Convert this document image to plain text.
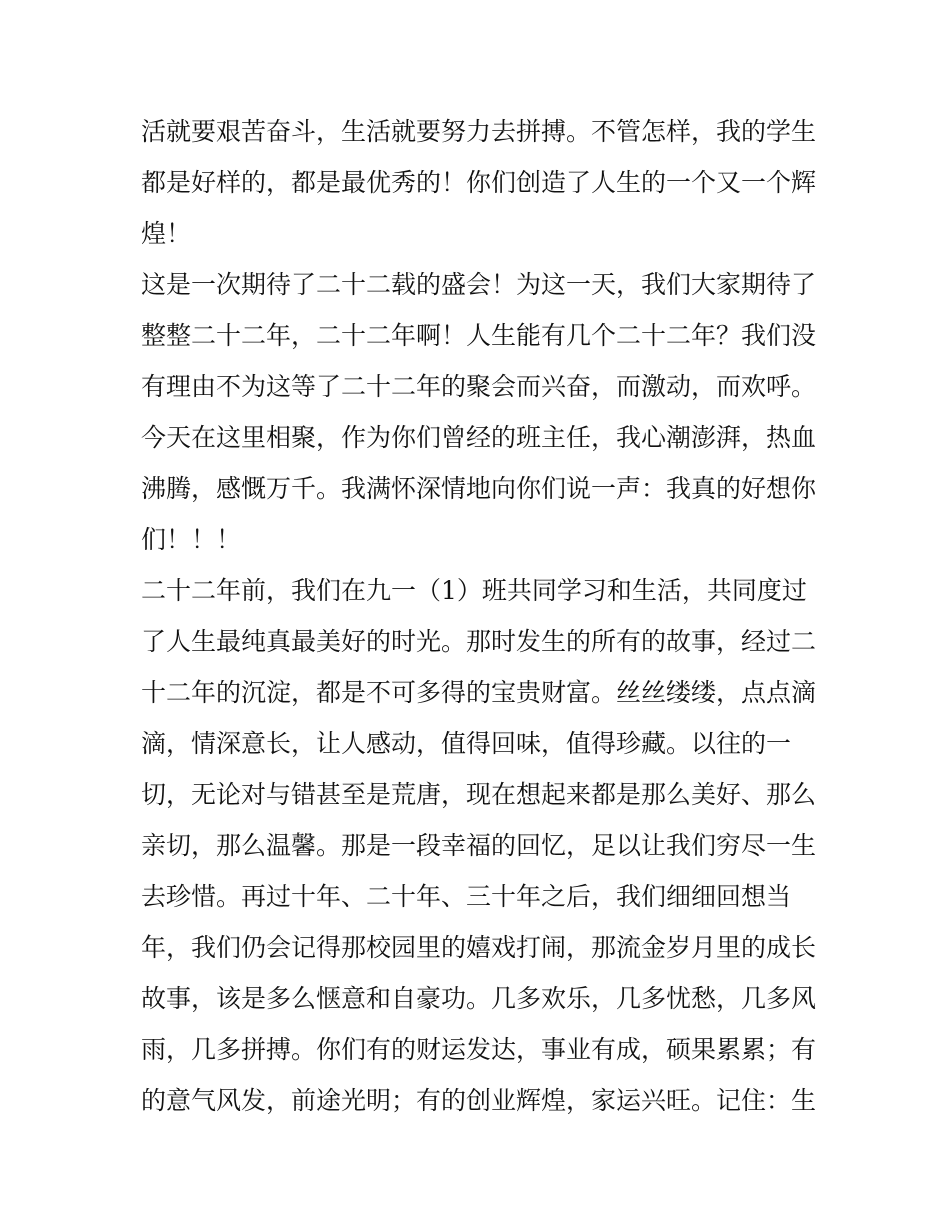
活就要艰苦奋斗，生活就要努力去拼搏。不管怎样，我的学生
都是好样的，都是最优秀的！你们创造了人生的一个又一个辉
煌！
这是一次期待了二十二载的盛会！为这一天，我们大家期待了
整整二十二年，二十二年啊！人生能有几个二十二年？我们没
有理由不为这等了二十二年的聚会而兴奋，而激动，而欢呼。
今天在这里相聚，作为你们曾经的班主任，我心潮澎湃，热血
沸腾，感慨万千。我满怀深情地向你们说一声：我真的好想你
们！！！
二十二年前，我们在九一（1）班共同学习和生活，共同度过
了人生最纯真最美好的时光。那时发生的所有的故事，经过二
十二年的沉淀，都是不可多得的宝贵财富。丝丝缕缕，点点滴
滴，情深意长，让人感动，值得回味，值得珍藏。以往的一
切，无论对与错甚至是荒唐，现在想起来都是那么美好、那么
亲切，那么温馨。那是一段幸福的回忆，足以让我们穷尽一生
去珍惜。再过十年、二十年、三十年之后，我们细细回想当
年，我们仍会记得那校园里的嬉戏打闹，那流金岁月里的成长
故事，该是多么惬意和自豪功。几多欢乐，几多忧愁，几多风
雨，几多拼搏。你们有的财运发达，事业有成，硕果累累；有
的意气风发，前途光明；有的创业辉煌，家运兴旺。记住：生
